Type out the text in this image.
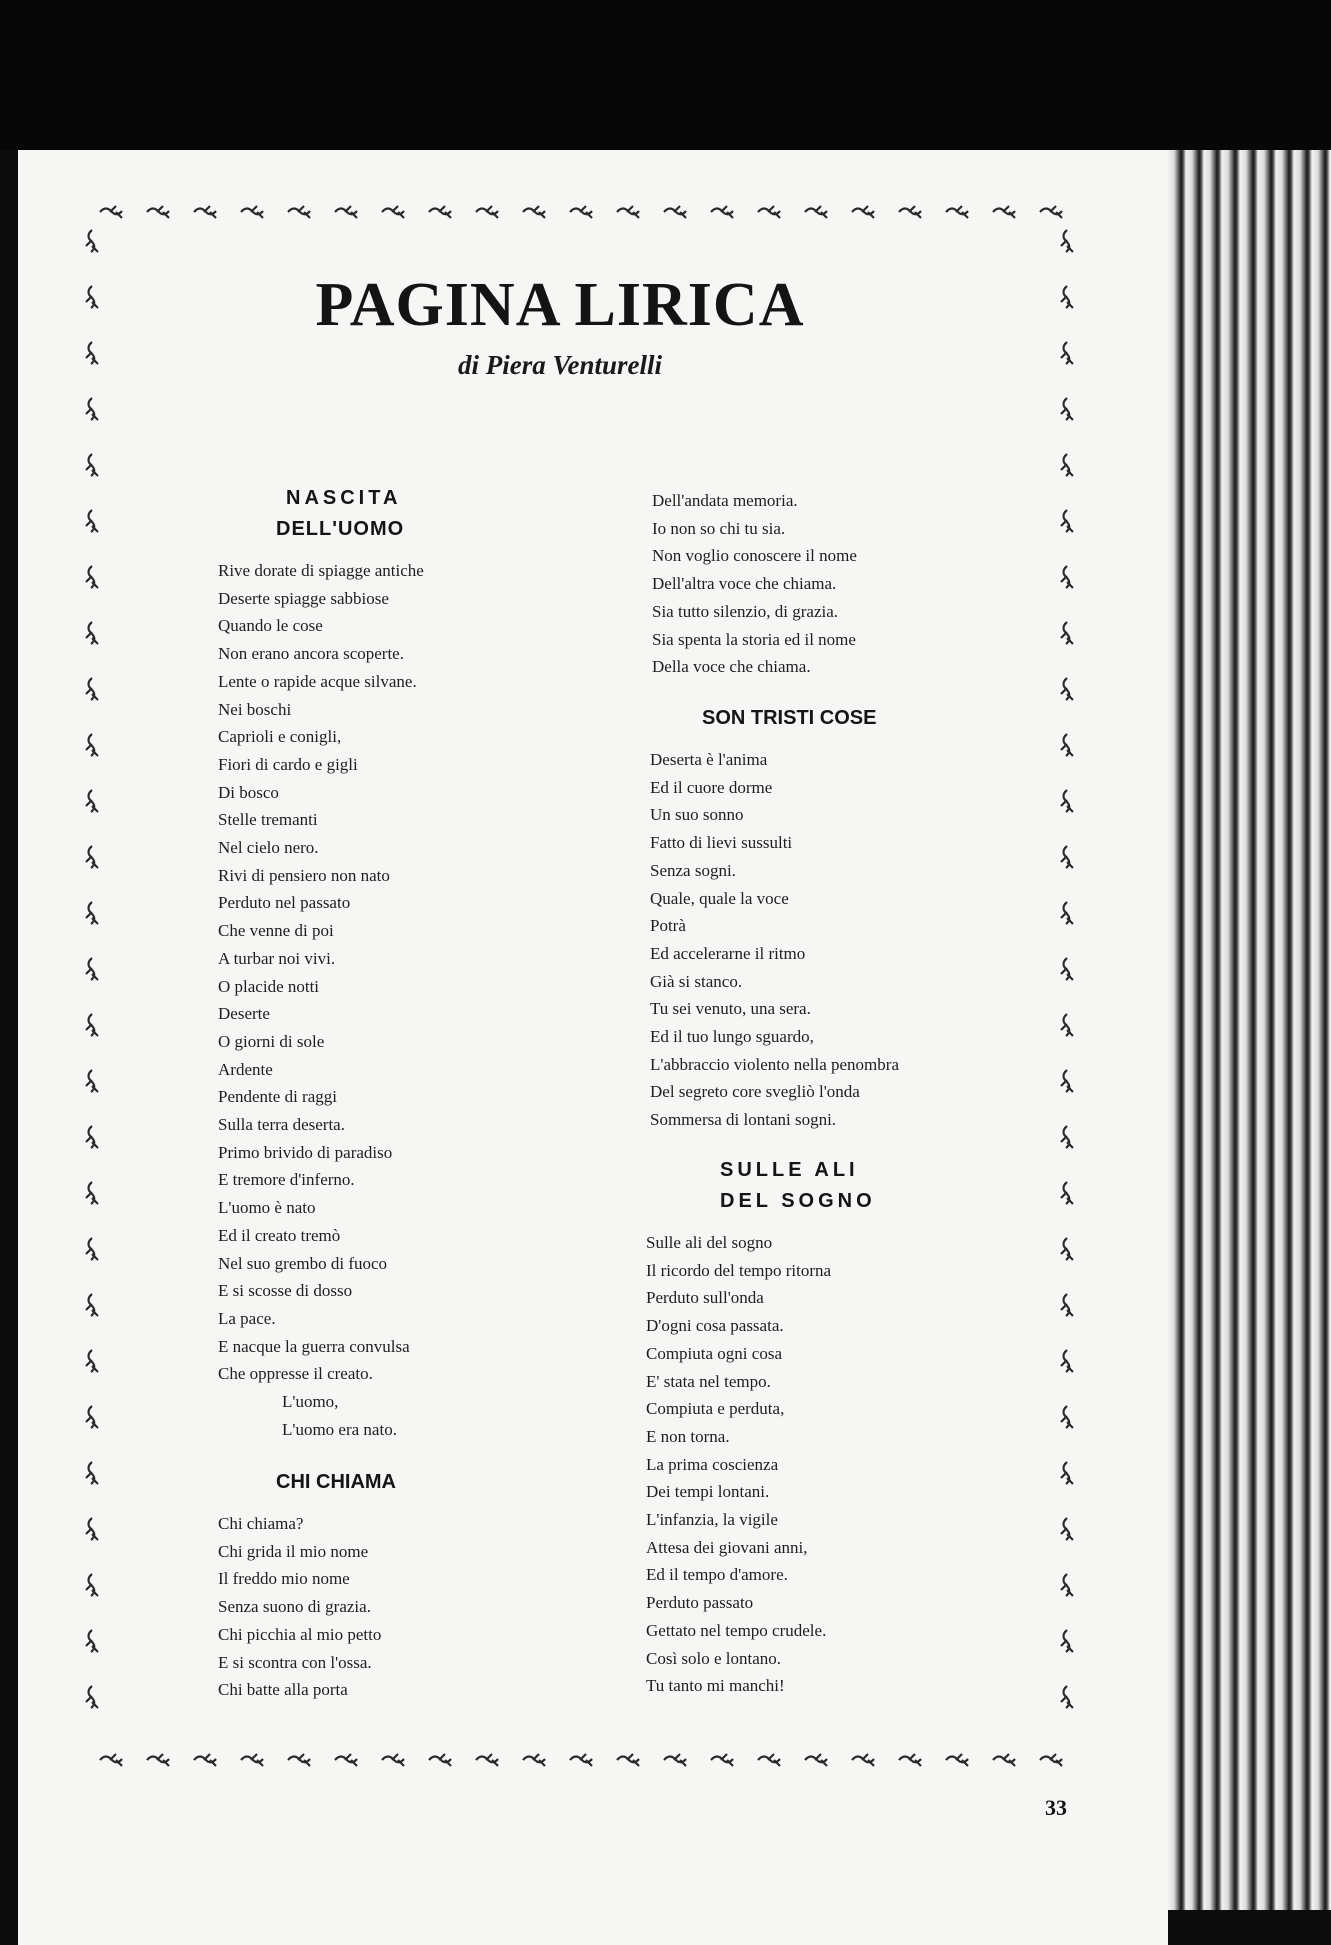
PAGINA LIRICA
di Piera Venturelli
NASCITA
DELL'UOMO
Rive dorate di spiagge antiche
Deserte spiagge sabbiose
Quando le cose
Non erano ancora scoperte.
Lente o rapide acque silvane.
Nei boschi
Caprioli e conigli,
Fiori di cardo e gigli
Di bosco
Stelle tremanti
Nel cielo nero.
Rivi di pensiero non nato
Perduto nel passato
Che venne di poi
A turbar noi vivi.
O placide notti
Deserte
O giorni di sole
Ardente
Pendente di raggi
Sulla terra deserta.
Primo brivido di paradiso
E tremore d'inferno.
L'uomo è nato
Ed il creato tremò
Nel suo grembo di fuoco
E si scosse di dosso
La pace.
E nacque la guerra convulsa
Che oppresse il creato.
L'uomo,
L'uomo era nato.
CHI CHIAMA
Chi chiama?
Chi grida il mio nome
Il freddo mio nome
Senza suono di grazia.
Chi picchia al mio petto
E si scontra con l'ossa.
Chi batte alla porta
Dell'andata memoria.
Io non so chi tu sia.
Non voglio conoscere il nome
Dell'altra voce che chiama.
Sia tutto silenzio, di grazia.
Sia spenta la storia ed il nome
Della voce che chiama.
SON TRISTI COSE
Deserta è l'anima
Ed il cuore dorme
Un suo sonno
Fatto di lievi sussulti
Senza sogni.
Quale, quale la voce
Potrà
Ed accelerarne il ritmo
Già si stanco.
Tu sei venuto, una sera.
Ed il tuo lungo sguardo,
L'abbraccio violento nella penombra
Del segreto core svegliò l'onda
Sommersa di lontani sogni.
SULLE ALI
DEL SOGNO
Sulle ali del sogno
Il ricordo del tempo ritorna
Perduto sull'onda
D'ogni cosa passata.
Compiuta ogni cosa
E' stata nel tempo.
Compiuta e perduta,
E non torna.
La prima coscienza
Dei tempi lontani.
L'infanzia, la vigile
Attesa dei giovani anni,
Ed il tempo d'amore.
Perduto passato
Gettato nel tempo crudele.
Così solo e lontano.
Tu tanto mi manchi!
33
